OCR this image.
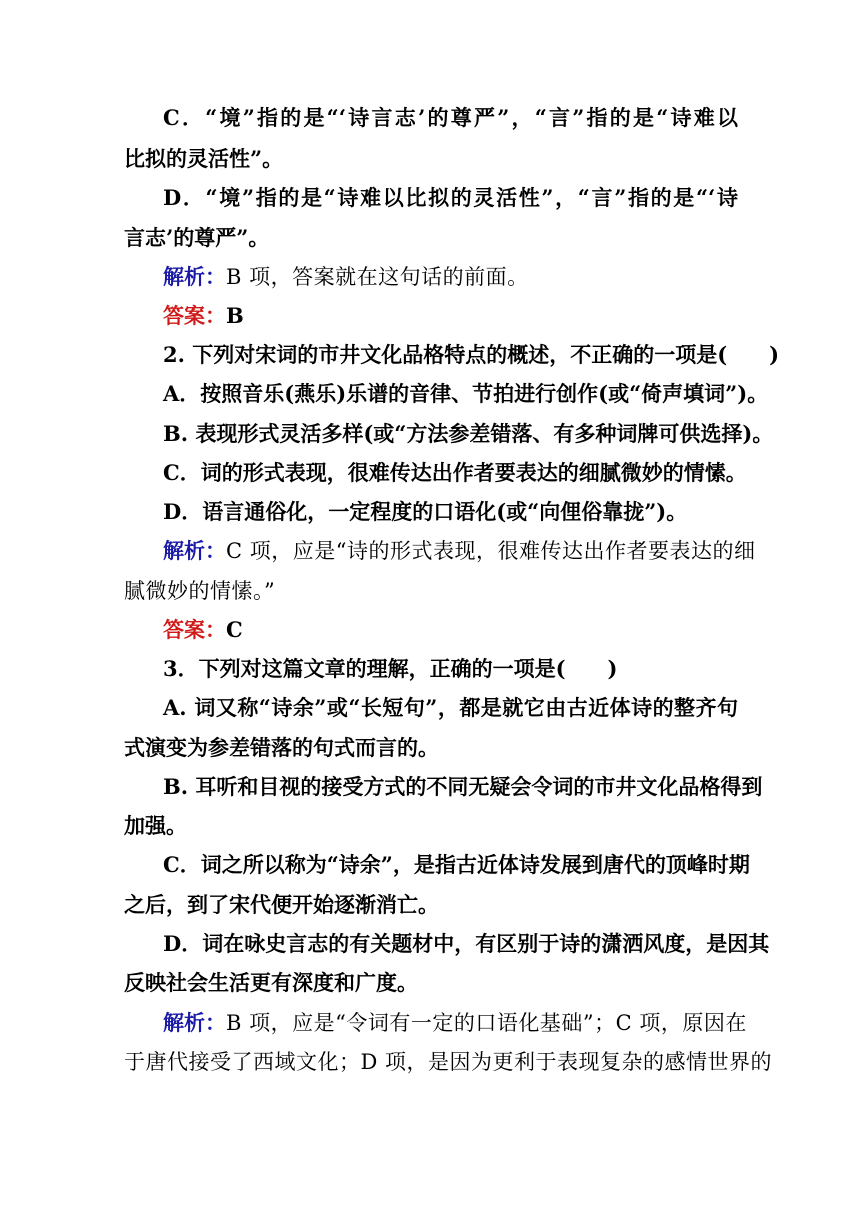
C．“境”指的是“‘诗言志’的尊严”，“言”指的是“诗难以
比拟的灵活性”。
D．“境”指的是“诗难以比拟的灵活性”，“言”指的是“‘诗
言志’的尊严”。
解析：B 项，答案就在这句话的前面。
答案：B
2. 下列对宋词的市井文化品格特点的概述，不正确的一项是(　　)
A．按照音乐(燕乐)乐谱的音律、节拍进行创作(或“倚声填词”)。
B. 表现形式灵活多样(或“方法参差错落、有多种词牌可供选择)。
C．词的形式表现，很难传达出作者要表达的细腻微妙的情愫。
D．语言通俗化，一定程度的口语化(或“向俚俗靠拢”)。
解析：C 项，应是“诗的形式表现，很难传达出作者要表达的细
腻微妙的情愫。”
答案：C
3．下列对这篇文章的理解，正确的一项是(　　)
A. 词又称“诗余”或“长短句”，都是就它由古近体诗的整齐句
式演变为参差错落的句式而言的。
B. 耳听和目视的接受方式的不同无疑会令词的市井文化品格得到
加强。
C．词之所以称为“诗余”，是指古近体诗发展到唐代的顶峰时期
之后，到了宋代便开始逐渐消亡。
D．词在咏史言志的有关题材中，有区别于诗的潇洒风度，是因其
反映社会生活更有深度和广度。
解析：B 项，应是“令词有一定的口语化基础”；C 项，原因在
于唐代接受了西域文化；D 项，是因为更利于表现复杂的感情世界的
